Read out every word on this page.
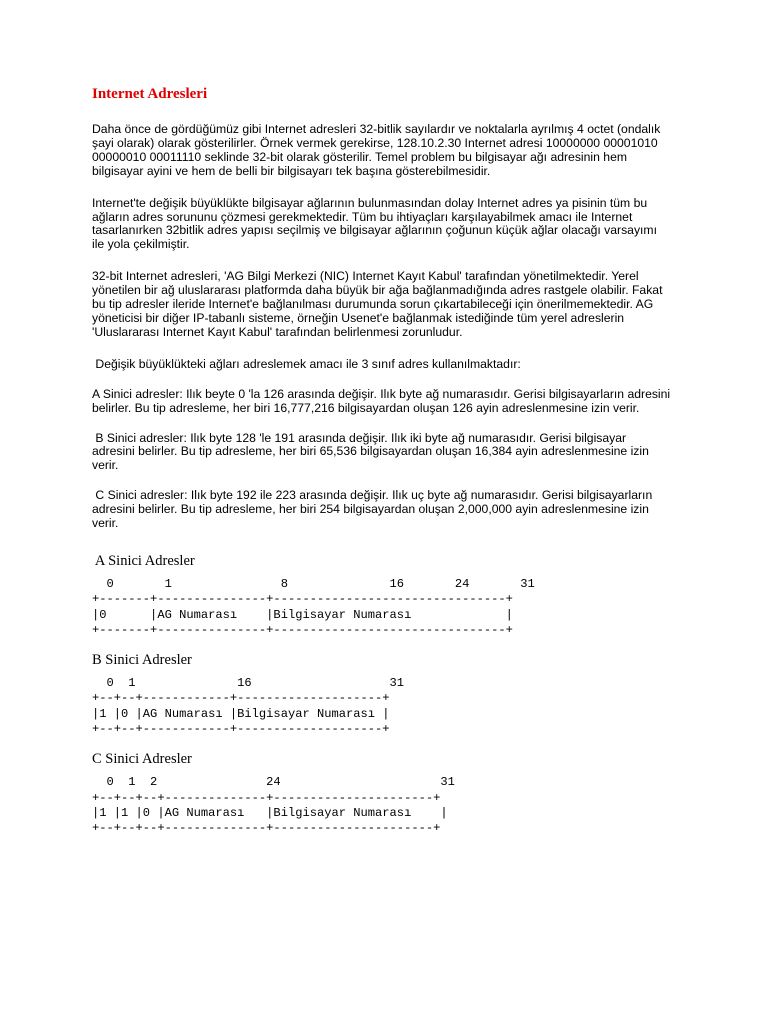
Internet Adresleri

Daha önce de gördüğümüz gibi Internet adresleri 32-bitlik sayılardır ve noktalarla ayrılmış 4 octet (ondalık şayi olarak) olarak gösterilirler. Örnek vermek gerekirse, 128.10.2.30 Internet adresi 10000000 00001010 00000010 00011110 seklinde 32-bit olarak gösterilir. Temel problem bu bilgisayar ağı adresinin hem bilgisayar ayini ve hem de belli bir bilgisayarı tek başına gösterebilmesidir.

Internet'te değişik büyüklükte bilgisayar ağlarının bulunmasından dolay Internet adres ya pisinin tüm bu ağların adres sorununu çözmesi gerekmektedir. Tüm bu ihtiyaçları karşılayabilmek amacı ile Internet tasarlanırken 32bitlik adres yapısı seçilmiş ve bilgisayar ağlarının çoğunun küçük ağlar olacağı varsayımı ile yola çekilmiştir.

32-bit Internet adresleri, 'AG Bilgi Merkezi (NIC) Internet Kayıt Kabul' tarafından yönetilmektedir. Yerel yönetilen bir ağ uluslararası platformda daha büyük bir ağa bağlanmadığında adres rastgele olabilir. Fakat bu tip adresler ileride Internet'e bağlanılması durumunda sorun çıkartabileceği için önerilmemektedir. AG yöneticisi bir diğer IP-tabanlı sisteme, örneğin Usenet'e bağlanmak istediğinde tüm yerel adreslerin 'Uluslararası Internet Kayıt Kabul' tarafından belirlenmesi zorunludur.

Değişik büyüklükteki ağları adreslemek amacı ile 3 sınıf adres kullanılmaktadır:

A Sinici adresler: Ilık beyte 0 'la 126 arasında değişir. Ilık byte ağ numarasıdır. Gerisi bilgisayarların adresini belirler. Bu tip adresleme, her biri 16,777,216 bilgisayardan oluşan 126 ayin adreslenmesine izin verir.

B Sinici adresler: Ilık byte 128 'le 191 arasında değişir. Ilık iki byte ağ numarasıdır. Gerisi bilgisayar adresini belirler. Bu tip adresleme, her biri 65,536 bilgisayardan oluşan 16,384 ayin adreslenmesine izin verir.

C Sinici adresler: Ilık byte 192 ile 223 arasında değişir. Ilık uç byte ağ numarasıdır. Gerisi bilgisayarların adresini belirler. Bu tip adresleme, her biri 254 bilgisayardan oluşan 2,000,000 ayin adreslenmesine izin verir.

A Sinici Adresler

0       1               8              16       24       31
+-------+---------------+--------------------------------+
|0      |AG Numarası    |Bilgisayar Numarası             |
+-------+---------------+--------------------------------+

B Sinici Adresler

0  1              16                   31
+--+--+------------+--------------------+
|1 |0 |AG Numarası |Bilgisayar Numarası |
+--+--+------------+--------------------+

C Sinici Adresler

0  1  2               24                      31
+--+--+--+--------------+----------------------+
|1 |1 |0 |AG Numarası   |Bilgisayar Numarası    |
+--+--+--+--------------+----------------------+
